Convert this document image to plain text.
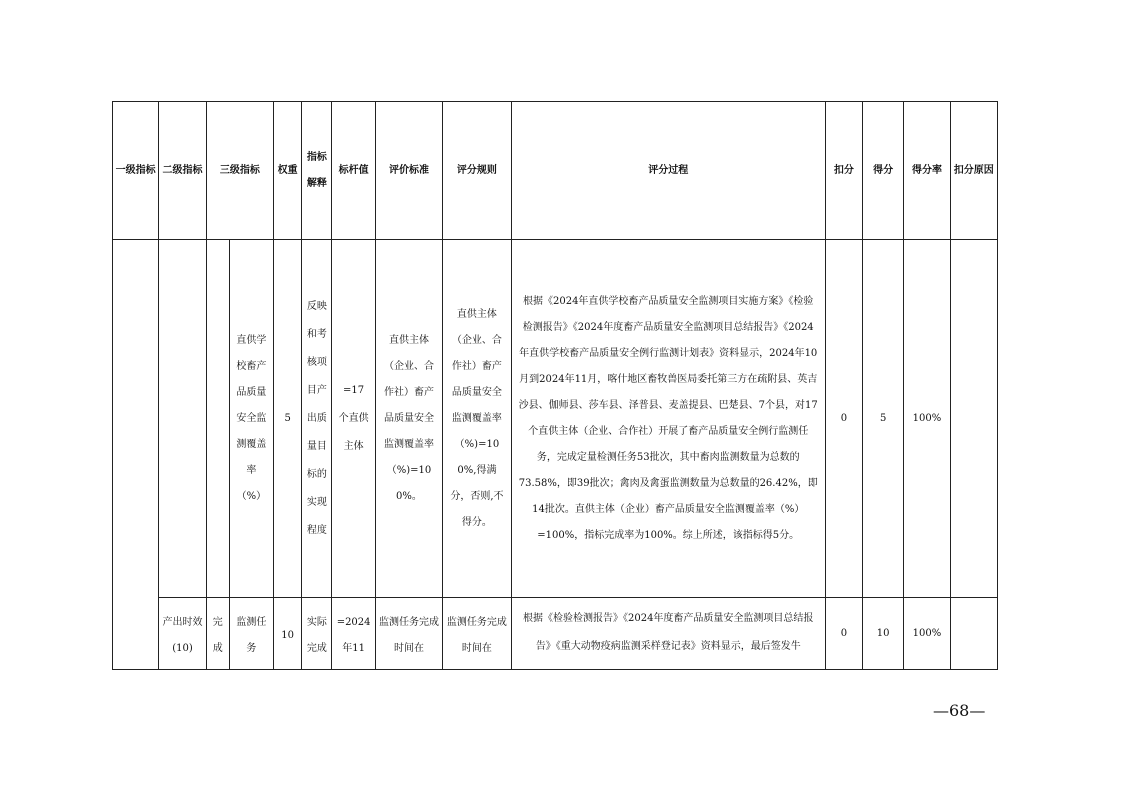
一级指标	二级指标	三级指标		权重	指标解释	标杆值	评价标准	评分规则	评分过程	扣分	得分	得分率	扣分原因

			直供学校畜产品质量安全监测覆盖率（%）	5	反映和考核项目产出质量目标的实现程度	=17个直供主体	直供主体（企业、合作社）畜产品质量安全监测覆盖率（%)=100%。	直供主体（企业、合作社）畜产品质量安全监测覆盖率（%)=100%,得满分，否则,不得分。	根据《2024年直供学校畜产品质量安全监测项目实施方案》《检验检测报告》《2024年度畜产品质量安全监测项目总结报告》《2024年直供学校畜产品质量安全例行监测计划表》资料显示，2024年10月到2024年11月，喀什地区畜牧兽医局委托第三方在疏附县、英吉沙县、伽师县、莎车县、泽普县、麦盖提县、巴楚县、7个县，对17个直供主体（企业、合作社）开展了畜产品质量安全例行监测任务，完成定量检测任务53批次，其中畜肉监测数量为总数的73.58%，即39批次；禽肉及禽蛋监测数量为总数量的26.42%，即14批次。直供主体（企业）畜产品质量安全监测覆盖率（%）=100%，指标完成率为100%。综上所述，该指标得5分。	0	5	100%	
	产出时效(10)	完成	监测任务	10	实际完成	=2024年11	监测任务完成时间在	监测任务完成时间在	根据《检验检测报告》《2024年度畜产品质量安全监测项目总结报告》《重大动物疫病监测采样登记表》资料显示，最后签发牛	0	10	100%	
—68—
